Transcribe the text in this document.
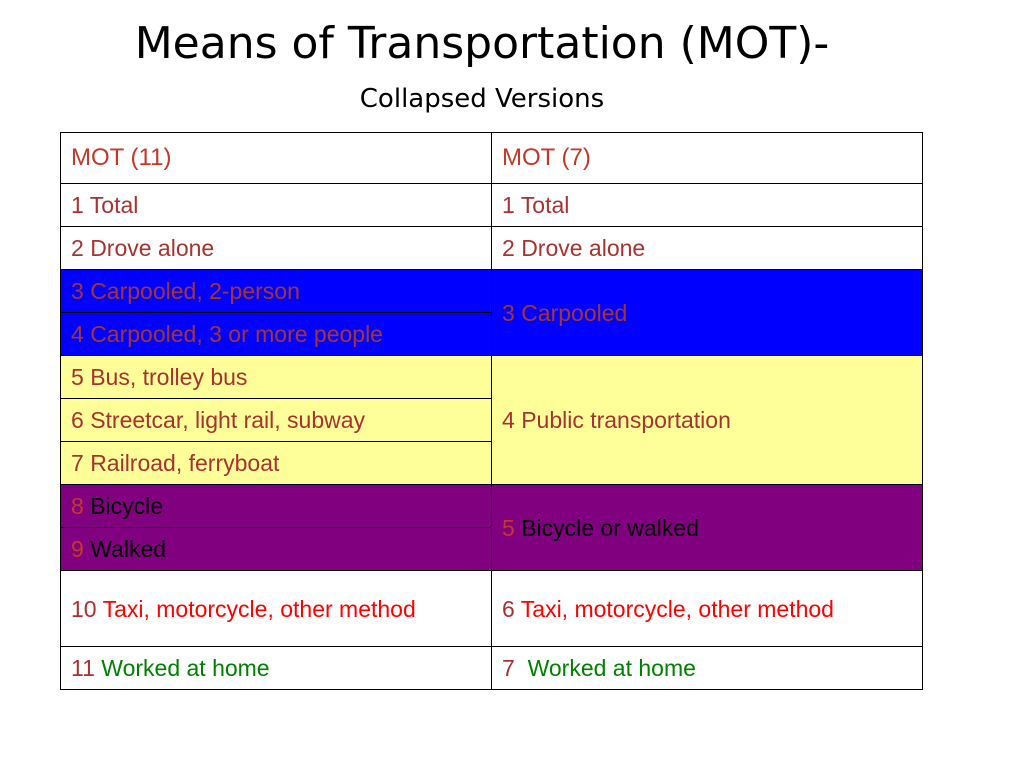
Means of Transportation (MOT)-
Collapsed Versions
MOT (11)	MOT (7)
1 Total	1 Total
2 Drove alone	2 Drove alone
3 Carpooled, 2-person	3 Carpooled
4 Carpooled, 3 or more people	
5 Bus, trolley bus	4 Public transportation
6 Streetcar, light rail, subway	
7 Railroad, ferryboat	
8 Bicycle	5 Bicycle or walked
9 Walked	
10 Taxi, motorcycle, other method	6 Taxi, motorcycle, other method
11 Worked at home	7  Worked at home
